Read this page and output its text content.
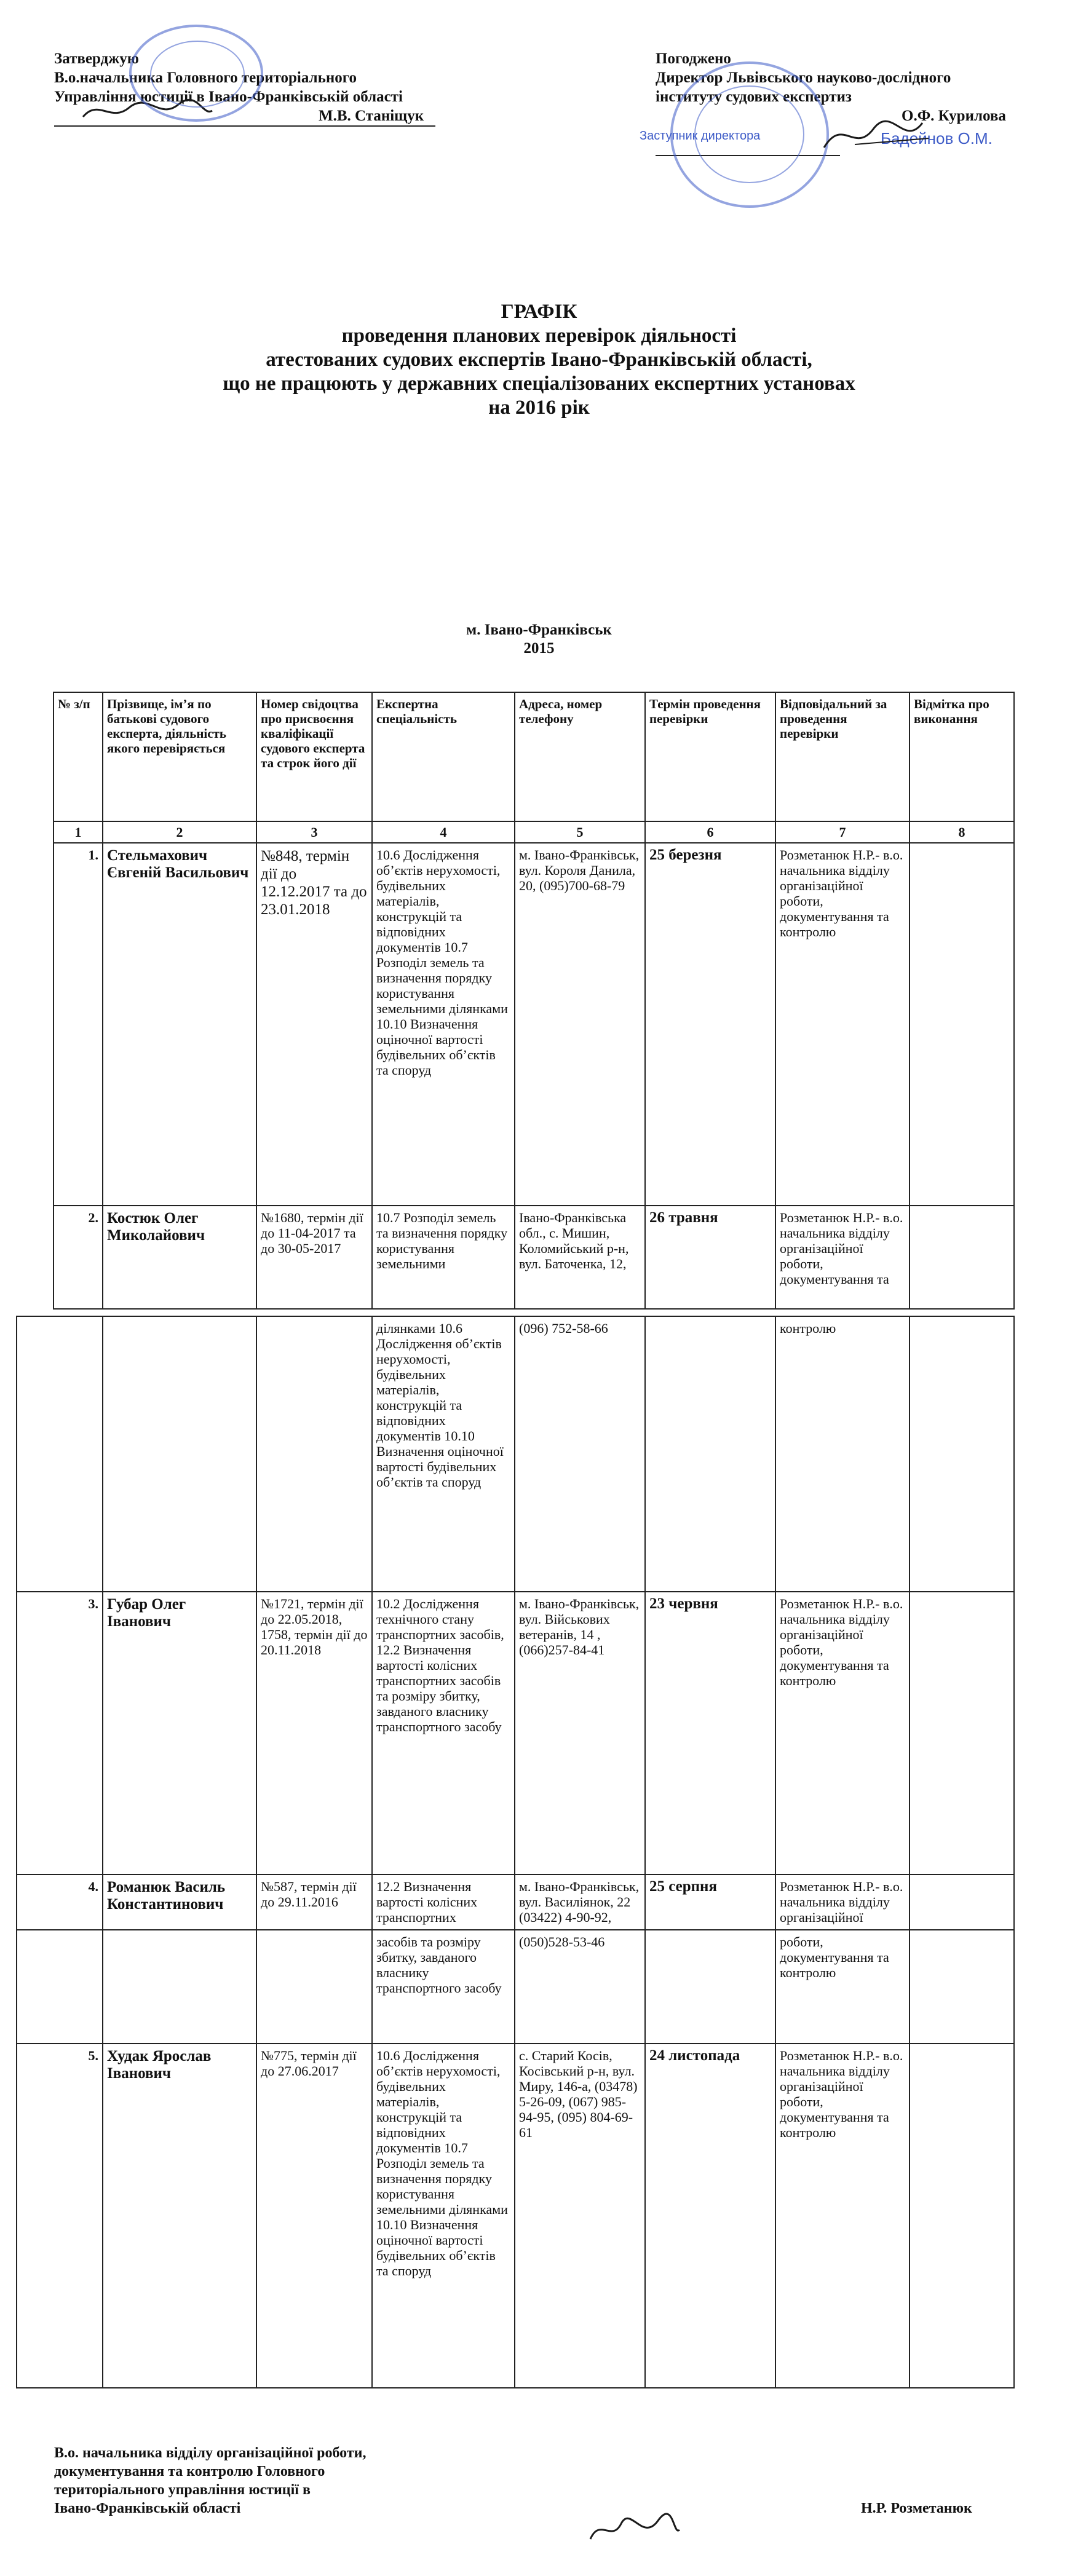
Затверджую
В.о.начальника Головного територіального
Управління юстиції в Івано-Франківській області
М.В. Станіщук
Погоджено
Директор Львівського науково-дослідного
інституту судових експертиз
О.Ф. Курилова
Заступник директора	Бадейнов О.М.
ГРАФІК
проведення планових перевірок діяльності
атестованих судових експертів Івано-Франківській області,
що не працюють у державних спеціалізованих експертних установах
на 2016 рік
м. Івано-Франківськ
2015
№ з/п	Прізвище, ім’я по батькові судового експерта, діяльність якого перевіряється	Номер свідоцтва про присвоєння кваліфікації судового експерта та строк його дії	Експертна спеціальність	Адреса, номер телефону	Термін проведення перевірки	Відповідальний за проведення перевірки	Відмітка про виконання
1	2	3	4	5	6	7	8
1.	Стельмахович Євгеній Васильович	№848, термін дії до 12.12.2017 та до 23.01.2018	10.6 Дослідження об’єктів нерухомості, будівельних матеріалів, конструкцій та відповідних документів 10.7 Розподіл земель та визначення порядку користування земельними ділянками 10.10 Визначення оціночної вартості будівельних об’єктів та споруд	м. Івано-Франківськ, вул. Короля Данила, 20, (095)700-68-79	25 березня	Розметанюк Н.Р.- в.о. начальника відділу організаційної роботи, документування та контролю	
2.	Костюк Олег Миколайович	№1680, термін дії до 11-04-2017 та до 30-05-2017	10.7 Розподіл земель та визначення порядку користування земельними	Івано-Франківська обл., с. Мишин, Коломийський р-н, вул. Баточенка, 12,	26 травня	Розметанюк Н.Р.- в.о. начальника відділу організаційної роботи, документування та	
			ділянками 10.6 Дослідження об’єктів нерухомості, будівельних матеріалів, конструкцій та відповідних документів 10.10 Визначення оціночної вартості будівельних об’єктів та споруд	(096) 752-58-66		контролю	
3.	Губар Олег Іванович	№1721, термін дії до 22.05.2018, 1758, термін дії до 20.11.2018	10.2 Дослідження технічного стану транспортних засобів, 12.2 Визначення вартості колісних транспортних засобів та розміру збитку, завданого власнику транспортного засобу	м. Івано-Франківськ, вул. Військових ветеранів, 14 , (066)257-84-41	23 червня	Розметанюк Н.Р.- в.о. начальника відділу організаційної роботи, документування та контролю	
4.	Романюк Василь Константинович	№587, термін дії до 29.11.2016	12.2 Визначення вартості колісних транспортних	м. Івано-Франківськ, вул. Василіянок, 22 (03422) 4-90-92,	25 серпня	Розметанюк Н.Р.- в.о. начальника відділу організаційної	
			засобів та розміру збитку, завданого власнику транспортного засобу	(050)528-53-46		роботи, документування та контролю	
5.	Худак Ярослав Іванович	№775, термін дії до 27.06.2017	10.6 Дослідження об’єктів нерухомості, будівельних матеріалів, конструкцій та відповідних документів 10.7 Розподіл земель та визначення порядку користування земельними ділянками 10.10 Визначення оціночної вартості будівельних об’єктів та споруд	с. Старий Косів, Косівський р-н, вул. Миру, 146-а, (03478) 5-26-09, (067) 985-94-95, (095) 804-69-61	24 листопада	Розметанюк Н.Р.- в.о. начальника відділу організаційної роботи, документування та контролю	
В.о. начальника відділу організаційної роботи,
документування та контролю Головного
територіального управління юстиції в
Івано-Франківській області	Н.Р. Розметанюк
